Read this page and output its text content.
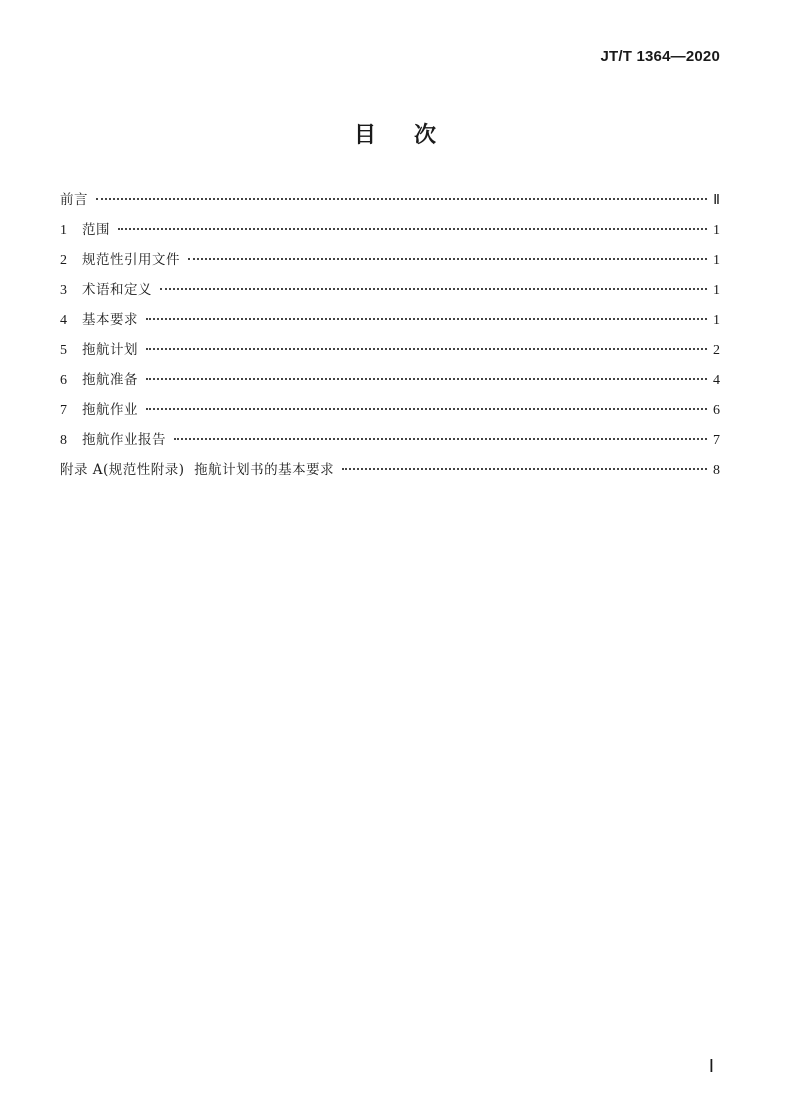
JT/T 1364—2020
目 次
前言	Ⅱ
1	范围	1
2	规范性引用文件	1
3	术语和定义	1
4	基本要求	1
5	拖航计划	2
6	拖航准备	4
7	拖航作业	6
8	拖航作业报告	7
附录 A(规范性附录)  拖航计划书的基本要求	8
Ⅰ
